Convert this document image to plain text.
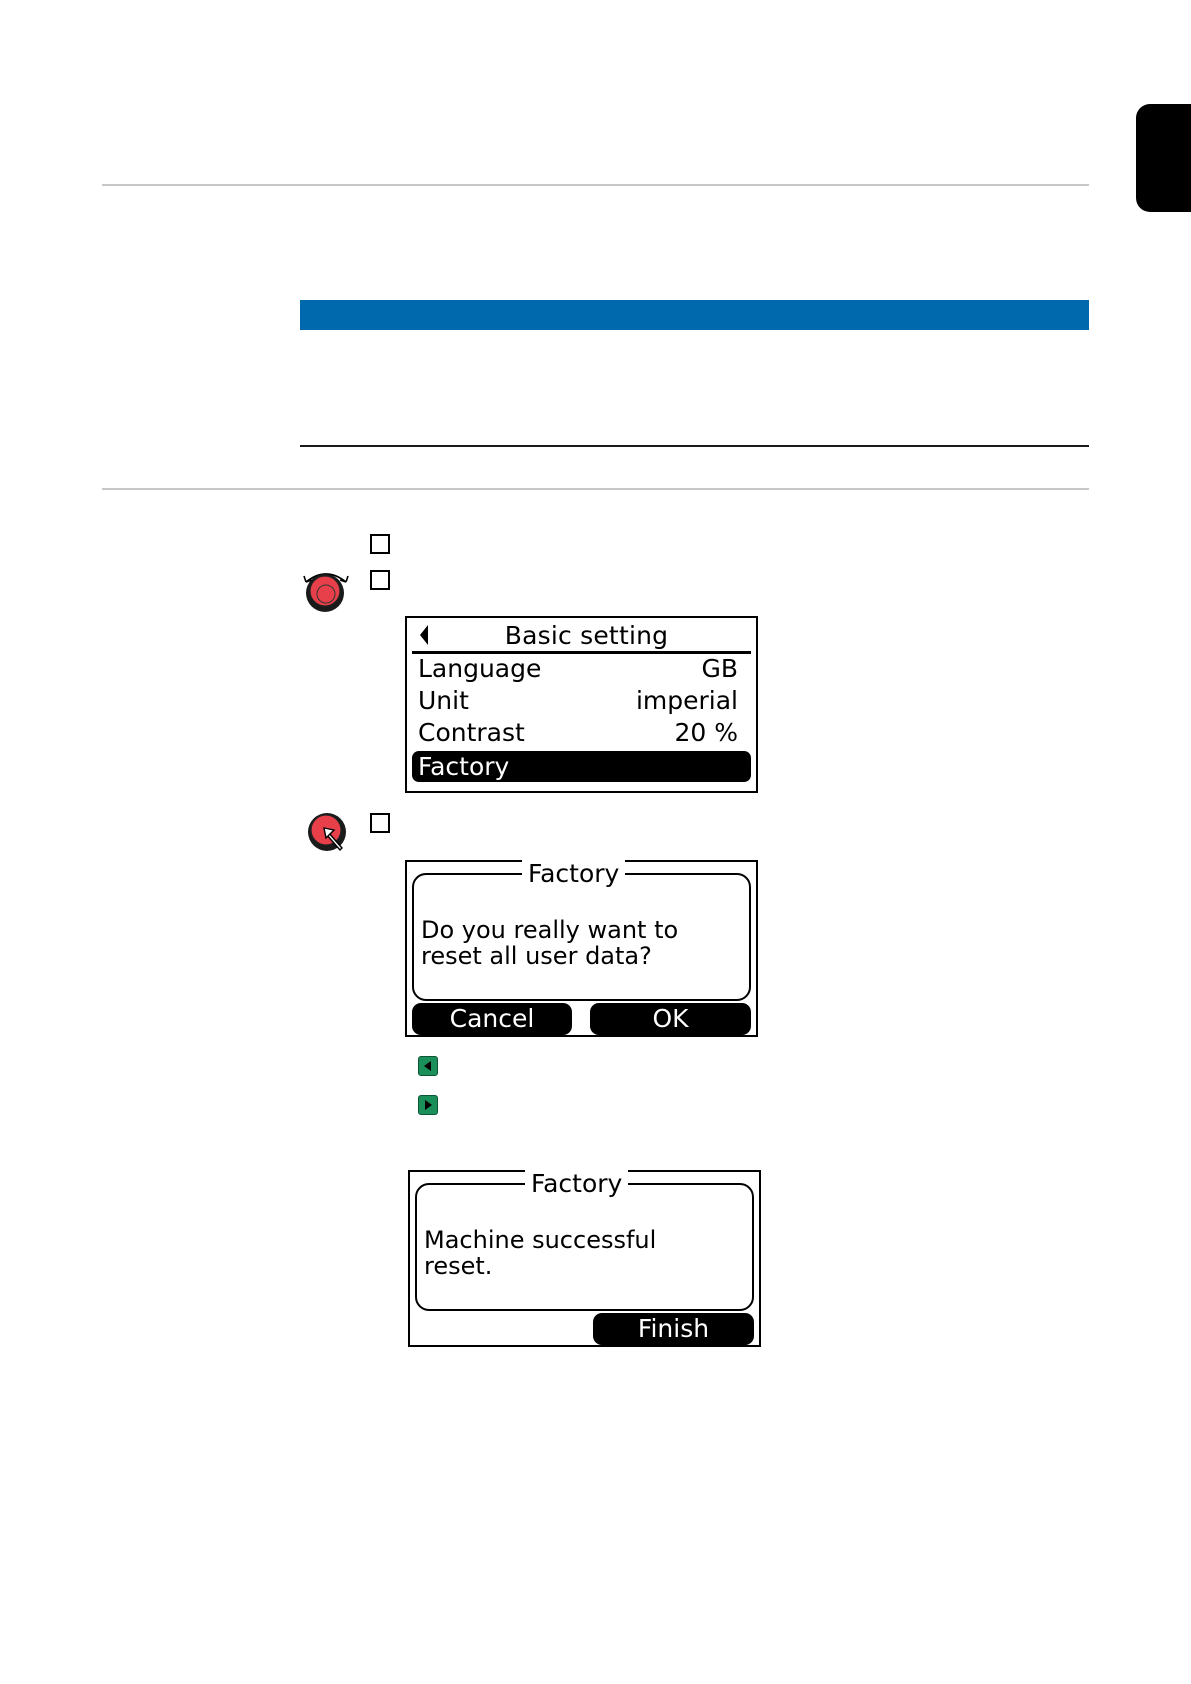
Basic setting
Language	GB
Unit	imperial
Contrast	20 %
Factory
Factory
Do you really want to
reset all user data?
Cancel	OK
Factory
Machine successful
reset.
Finish
